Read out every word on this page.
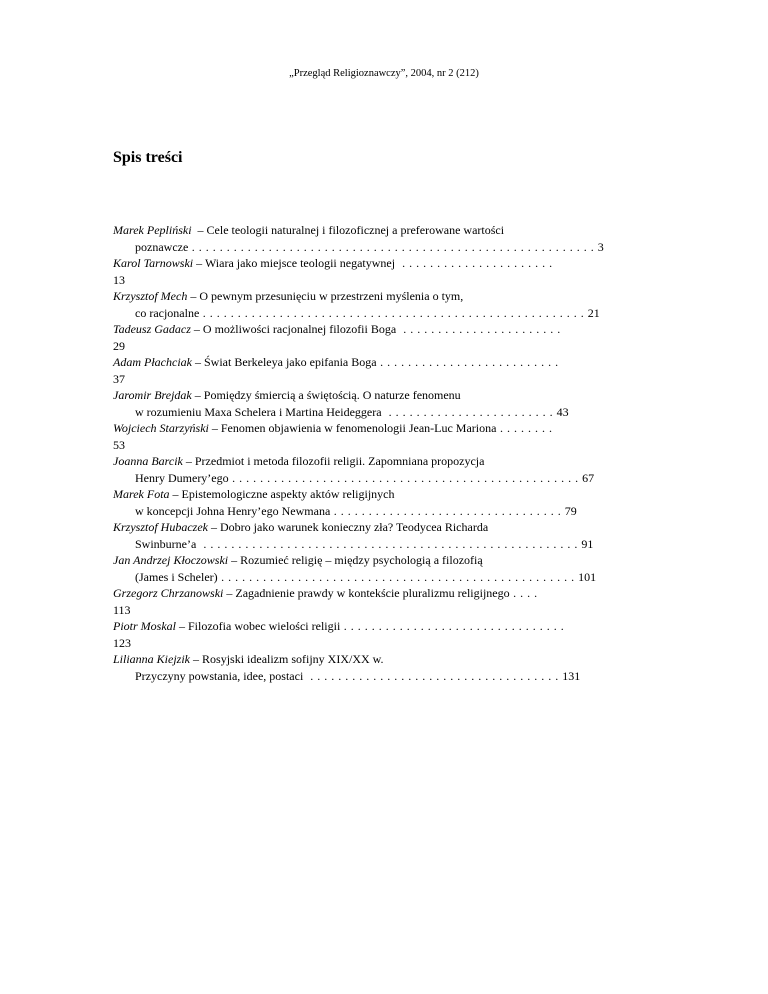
„Przegląd Religioznawczy”, 2004, nr 2 (212)
Spis treści
Marek Pepliński  – Cele teologii naturalnej i filozoficznej a preferowane wartości
poznawcze . . . . . . . . . . . . . . . . . . . . . . . . . . . . . . . . . . . . . . . . . . . . . . . . . . . . . . . . . . 3
Karol Tarnowski – Wiara jako miejsce teologii negatywnej  . . . . . . . . . . . . . . . . . . . . . .
13
Krzysztof Mech – O pewnym przesunięciu w przestrzeni myślenia o tym,
co racjonalne . . . . . . . . . . . . . . . . . . . . . . . . . . . . . . . . . . . . . . . . . . . . . . . . . . . . . . . 21
Tadeusz Gadacz – O możliwości racjonalnej filozofii Boga  . . . . . . . . . . . . . . . . . . . . . . .
29
Adam Płachciak – Świat Berkeleya jako epifania Boga . . . . . . . . . . . . . . . . . . . . . . . . . .
37
Jaromir Brejdak – Pomiędzy śmiercią a świętością. O naturze fenomenu
w rozumieniu Maxa Schelera i Martina Heideggera  . . . . . . . . . . . . . . . . . . . . . . . . 43
Wojciech Starzyński – Fenomen objawienia w fenomenologii Jean-Luc Mariona . . . . . . . .
53
Joanna Barcik – Przedmiot i metoda filozofii religii. Zapomniana propozycja
Henry Dumery’ego . . . . . . . . . . . . . . . . . . . . . . . . . . . . . . . . . . . . . . . . . . . . . . . . . . 67
Marek Fota – Epistemologiczne aspekty aktów religijnych
w koncepcji Johna Henry’ego Newmana . . . . . . . . . . . . . . . . . . . . . . . . . . . . . . . . . 79
Krzysztof Hubaczek – Dobro jako warunek konieczny zła? Teodycea Richarda
Swinburne’a  . . . . . . . . . . . . . . . . . . . . . . . . . . . . . . . . . . . . . . . . . . . . . . . . . . . . . . 91
Jan Andrzej Kłoczowski – Rozumieć religię – między psychologią a filozofią
(James i Scheler) . . . . . . . . . . . . . . . . . . . . . . . . . . . . . . . . . . . . . . . . . . . . . . . . . . . 101
Grzegorz Chrzanowski – Zagadnienie prawdy w kontekście pluralizmu religijnego . . . .
113
Piotr Moskal – Filozofia wobec wielości religii . . . . . . . . . . . . . . . . . . . . . . . . . . . . . . . .
123
Lilianna Kiejzik – Rosyjski idealizm sofijny XIX/XX w.
Przyczyny powstania, idee, postaci  . . . . . . . . . . . . . . . . . . . . . . . . . . . . . . . . . . . . 131
